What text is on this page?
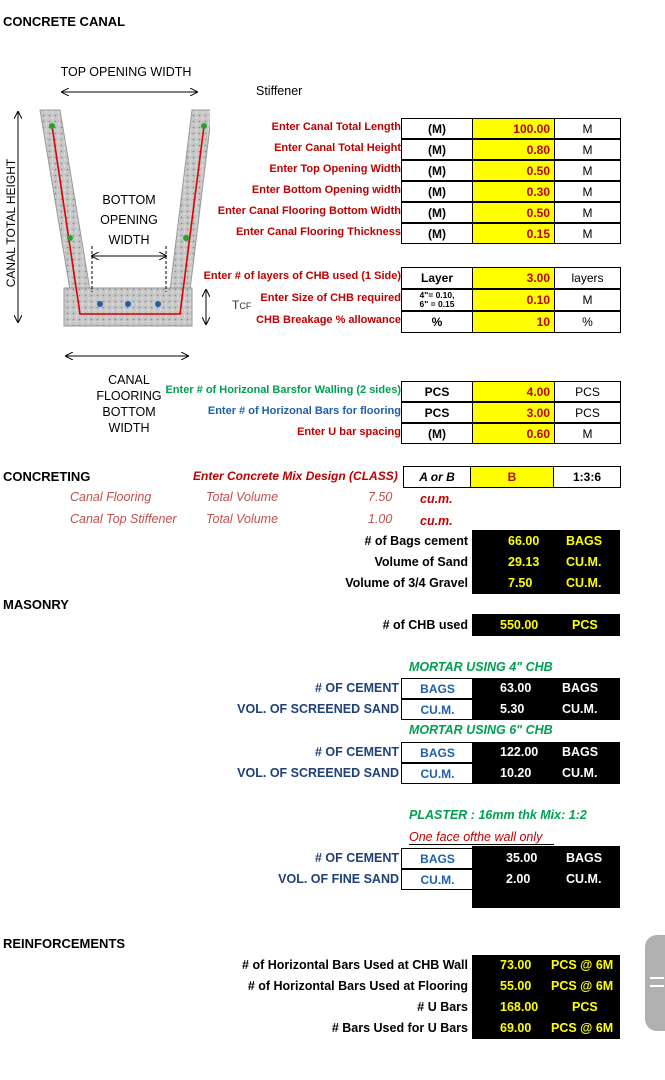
CONCRETE CANAL
TOP OPENING WIDTH
Stiffener
CANAL TOTAL HEIGHT	BOTTOM
OPENING
WIDTH
TCF
CANAL
FLOORING
BOTTOM
WIDTH
CONCRETING	Enter Concrete Mix Design (CLASS)	A or B	B	1:3:6
Canal Flooring	Total Volume	7.50 cu.m.
Canal Top Stiffener Total Volume	1.00 cu.m.
MASONRY
# of CHB used	550.00	PCS
MORTAR USING 4" CHB
MORTAR USING 6" CHB
PLASTER : 16mm thk Mix: 1:2
One face ofthe wall only
REINFORCEMENTS
Enter Canal Total Length	(M)	100.00	M
Enter Canal Total Height	(M)	0.80	M
Enter Top Opening Width	(M)	0.50	M
Enter Bottom Opening width	(M)	0.30	M
Enter Canal Flooring Bottom Width	(M)	0.50	M
Enter Canal Flooring Thickness	(M)	0.15	M
Enter # of layers of CHB used (1 Side)	Layer	3.00	layers
Enter Size of CHB required	4"= 0.10,
6" = 0.15	0.10	M
CHB Breakage % allowance	%	10	%
Enter # of Horizonal Barsfor Walling (2 sides)	PCS	4.00	PCS
Enter # of Horizonal Bars for flooring	PCS	3.00	PCS
Enter U bar spacing	(M)	0.60	M
# of Bags cement	66.00 BAGS
Volume of Sand	29.13 CU.M.
Volume of 3/4 Gravel	7.50	CU.M.
# OF CEMENT	BAGS	63.00 BAGS
VOL. OF SCREENED SAND	CU.M.	5.30	CU.M.
# OF CEMENT	BAGS	122.00 BAGS
VOL. OF SCREENED SAND	CU.M.	10.20 CU.M.
# OF CEMENT	BAGS	35.00 BAGS
VOL. OF FINE SAND	CU.M.	2.00	CU.M.
# of Horizontal Bars Used at CHB Wall	73.00 PCS @ 6M
# of Horizontal Bars Used at Flooring	55.00 PCS @ 6M
# U Bars	168.00	PCS
# Bars Used for U Bars	69.00 PCS @ 6M
